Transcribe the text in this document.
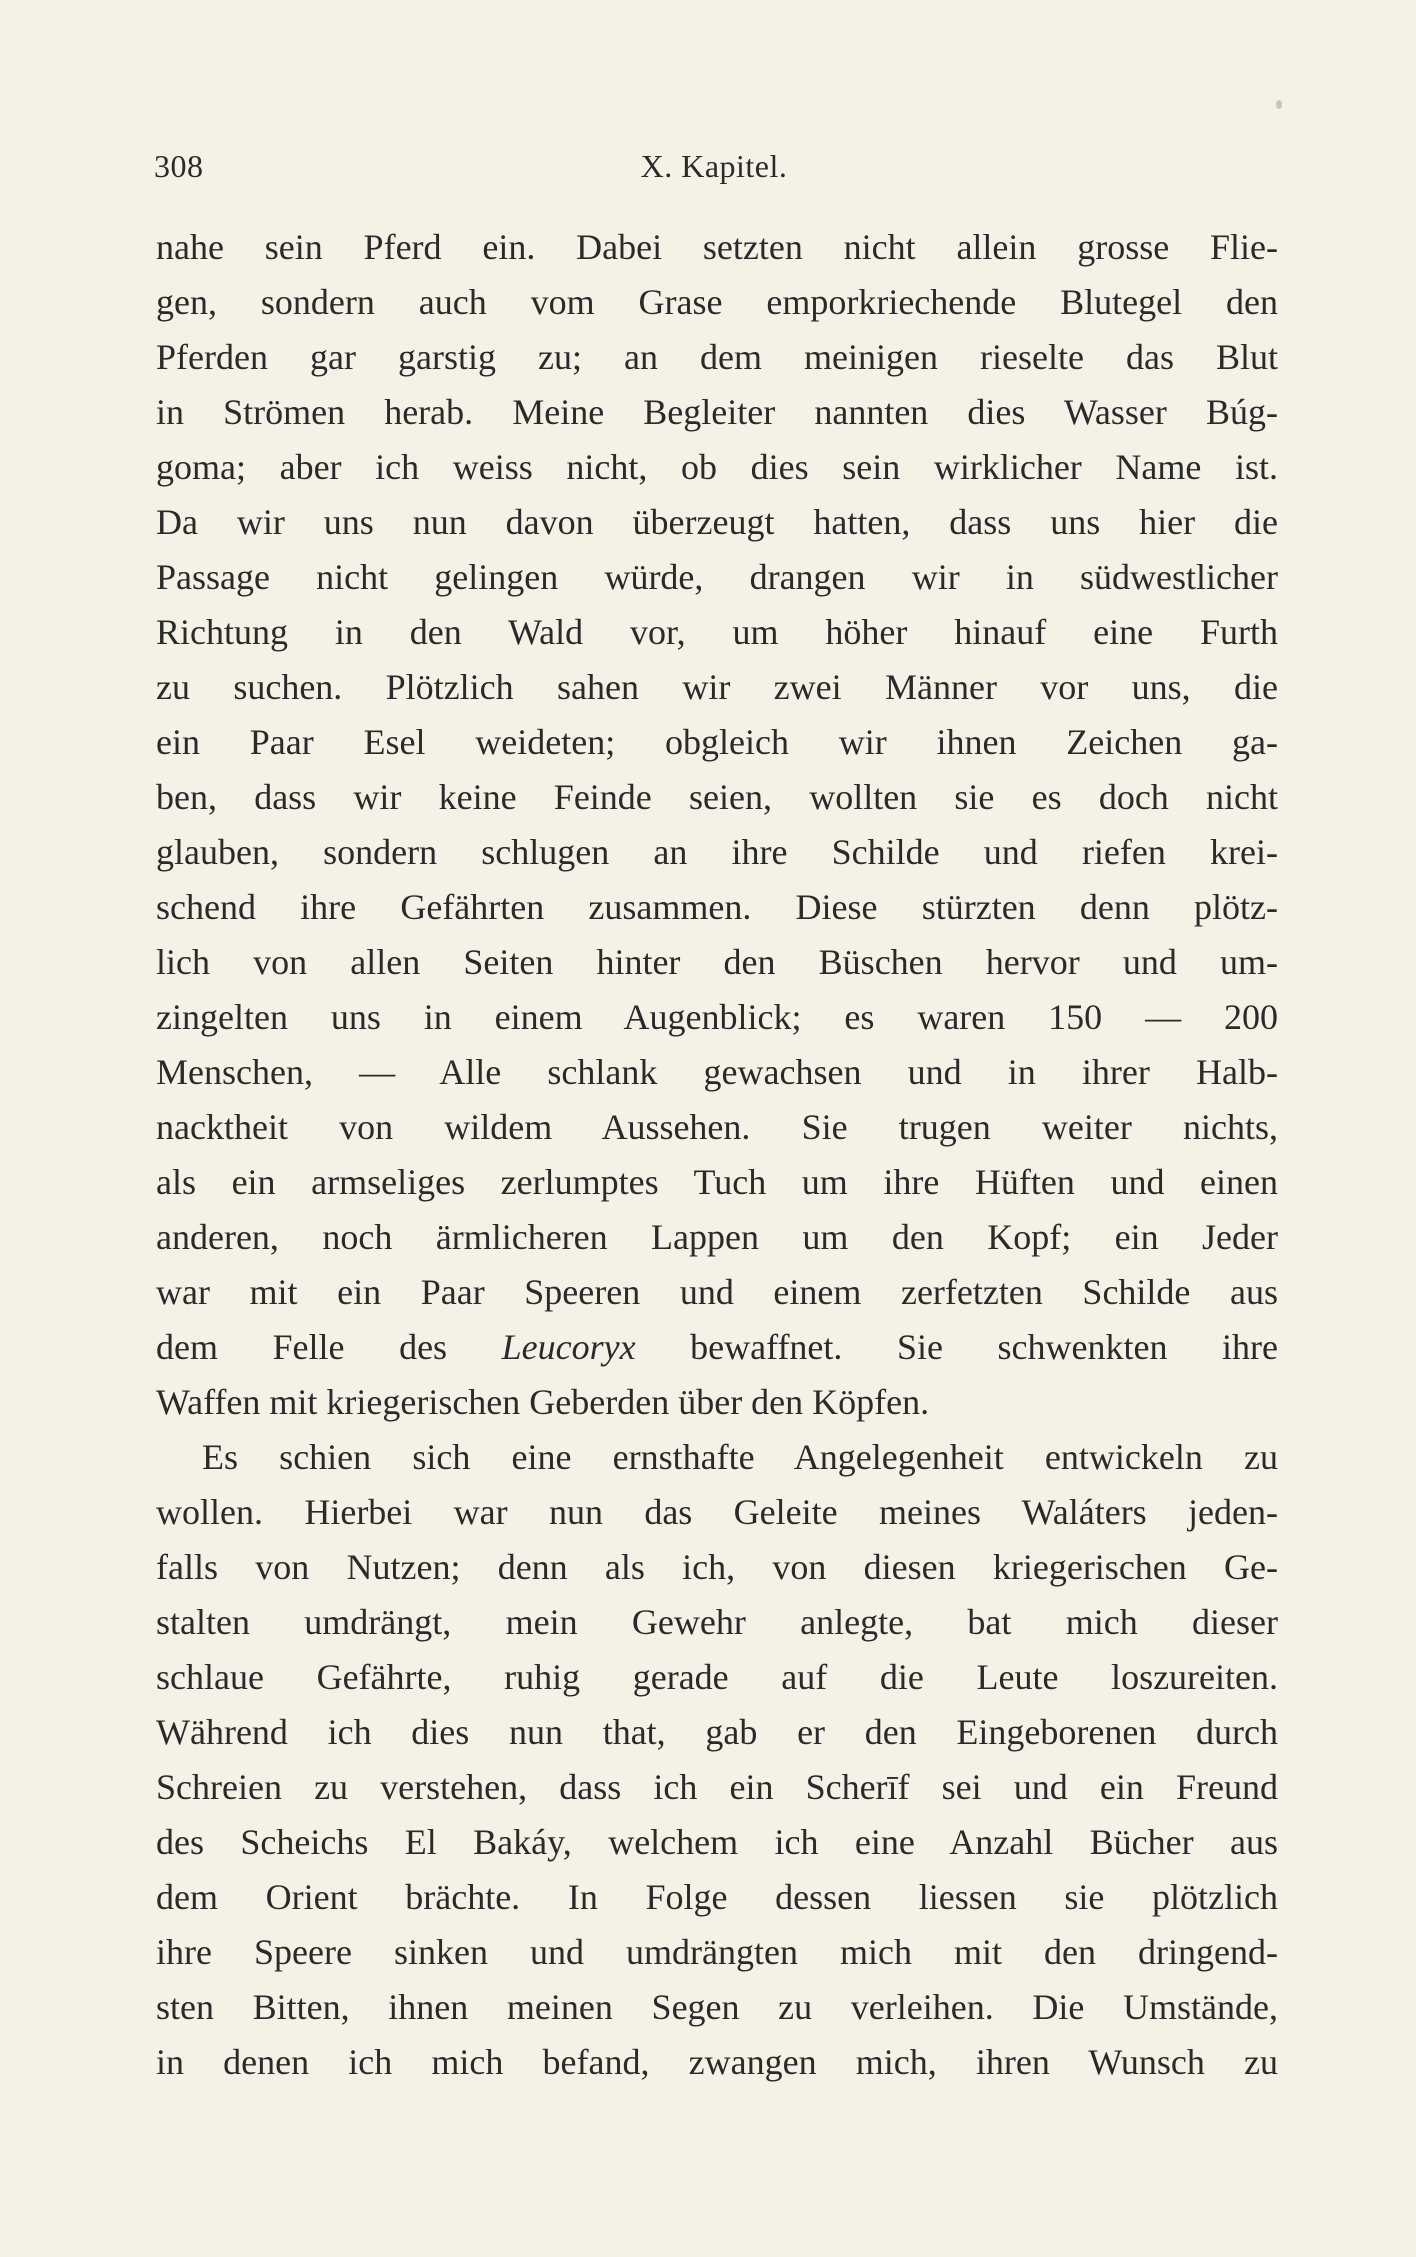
308	X. Kapitel.
nahe sein Pferd ein. Dabei setzten nicht allein grosse Flie-
gen, sondern auch vom Grase emporkriechende Blutegel den
Pferden gar garstig zu; an dem meinigen rieselte das Blut
in Strömen herab. Meine Begleiter nannten dies Wasser Búg-
goma; aber ich weiss nicht, ob dies sein wirklicher Name ist.
Da wir uns nun davon überzeugt hatten, dass uns hier die
Passage nicht gelingen würde, drangen wir in südwestlicher
Richtung in den Wald vor, um höher hinauf eine Furth
zu suchen. Plötzlich sahen wir zwei Männer vor uns, die
ein Paar Esel weideten; obgleich wir ihnen Zeichen ga-
ben, dass wir keine Feinde seien, wollten sie es doch nicht
glauben, sondern schlugen an ihre Schilde und riefen krei-
schend ihre Gefährten zusammen. Diese stürzten denn plötz-
lich von allen Seiten hinter den Büschen hervor und um-
zingelten uns in einem Augenblick; es waren 150 — 200
Menschen, — Alle schlank gewachsen und in ihrer Halb-
nacktheit von wildem Aussehen. Sie trugen weiter nichts,
als ein armseliges zerlumptes Tuch um ihre Hüften und einen
anderen, noch ärmlicheren Lappen um den Kopf; ein Jeder
war mit ein Paar Speeren und einem zerfetzten Schilde aus
dem Felle des Leucoryx bewaffnet. Sie schwenkten ihre
Waffen mit kriegerischen Geberden über den Köpfen.
Es schien sich eine ernsthafte Angelegenheit entwickeln zu
wollen. Hierbei war nun das Geleite meines Waláters jeden-
falls von Nutzen; denn als ich, von diesen kriegerischen Ge-
stalten umdrängt, mein Gewehr anlegte, bat mich dieser
schlaue Gefährte, ruhig gerade auf die Leute loszureiten.
Während ich dies nun that, gab er den Eingeborenen durch
Schreien zu verstehen, dass ich ein Scherīf sei und ein Freund
des Scheichs El Bakáy, welchem ich eine Anzahl Bücher aus
dem Orient brächte. In Folge dessen liessen sie plötzlich
ihre Speere sinken und umdrängten mich mit den dringend-
sten Bitten, ihnen meinen Segen zu verleihen. Die Umstände,
in denen ich mich befand, zwangen mich, ihren Wunsch zu
